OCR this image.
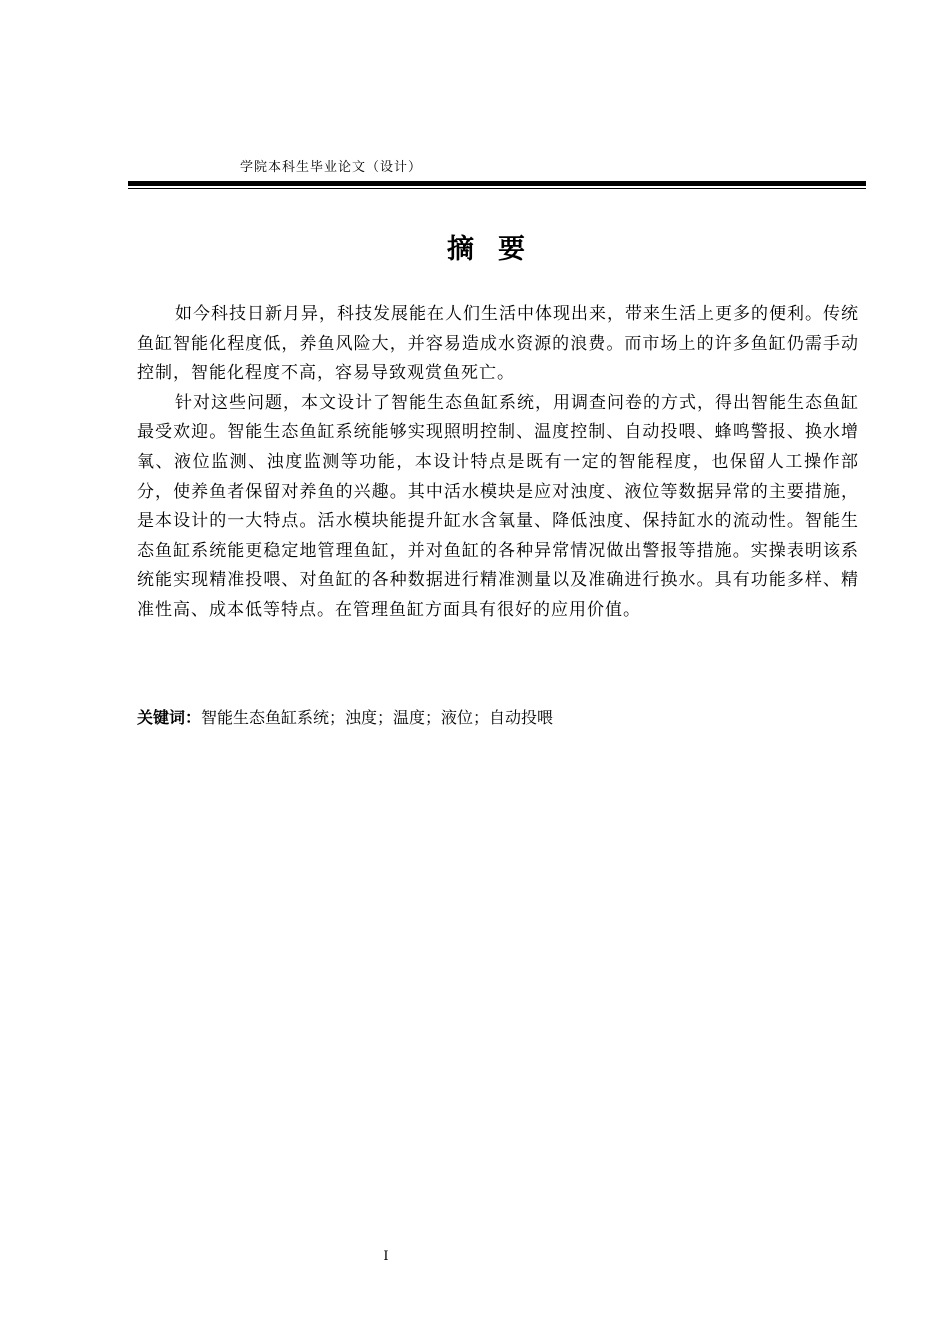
学院本科生毕业论文（设计）
摘要

如今科技日新月异，科技发展能在人们生活中体现出来，带来生活上更多的便利。传统鱼缸智能化程度低，养鱼风险大，并容易造成水资源的浪费。而市场上的许多鱼缸仍需手动控制，智能化程度不高，容易导致观赏鱼死亡。

针对这些问题，本文设计了智能生态鱼缸系统，用调查问卷的方式，得出智能生态鱼缸最受欢迎。智能生态鱼缸系统能够实现照明控制、温度控制、自动投喂、蜂鸣警报、换水增氧、液位监测、浊度监测等功能，本设计特点是既有一定的智能程度，也保留人工操作部分，使养鱼者保留对养鱼的兴趣。其中活水模块是应对浊度、液位等数据异常的主要措施，是本设计的一大特点。活水模块能提升缸水含氧量、降低浊度、保持缸水的流动性。智能生态鱼缸系统能更稳定地管理鱼缸，并对鱼缸的各种异常情况做出警报等措施。实操表明该系统能实现精准投喂、对鱼缸的各种数据进行精准测量以及准确进行换水。具有功能多样、精准性高、成本低等特点。在管理鱼缸方面具有很好的应用价值。

关键词：智能生态鱼缸系统；浊度；温度；液位；自动投喂
I
